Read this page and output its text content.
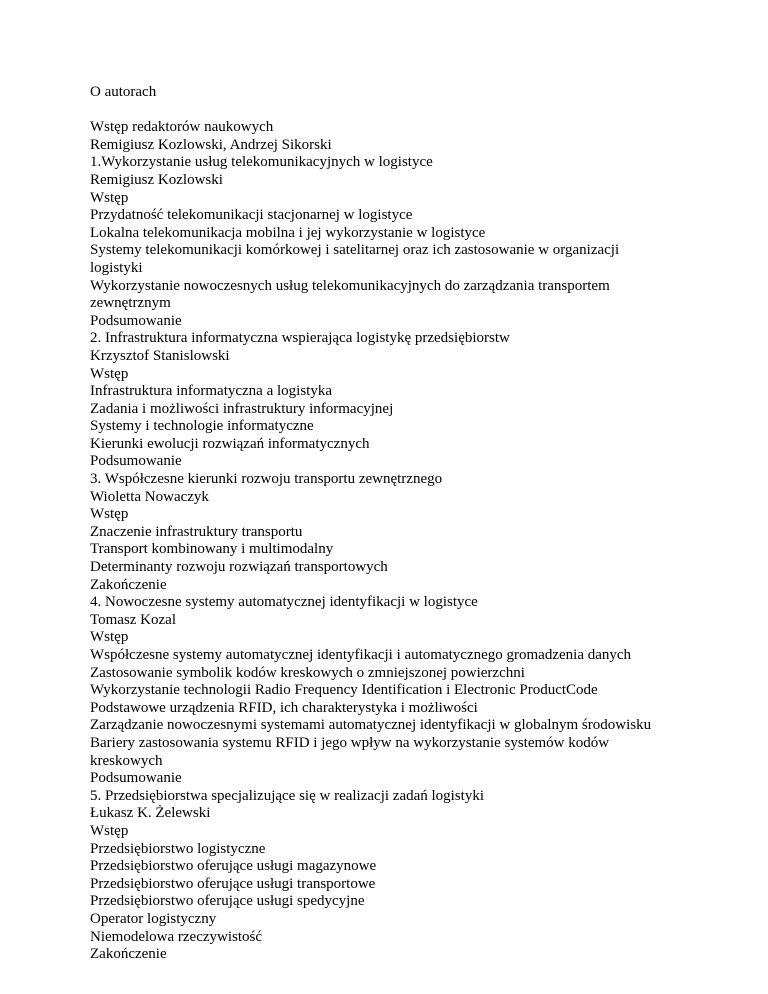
O autorach

Wstęp redaktorów naukowych
Remigiusz Kozlowski, Andrzej Sikorski
1.Wykorzystanie usług telekomunikacyjnych w logistyce
Remigiusz Kozlowski
Wstęp
Przydatność telekomunikacji stacjonarnej w logistyce
Lokalna telekomunikacja mobilna i jej wykorzystanie w logistyce
Systemy telekomunikacji komórkowej i satelitarnej oraz ich zastosowanie w organizacji
logistyki
Wykorzystanie nowoczesnych usług telekomunikacyjnych do zarządzania transportem
zewnętrznym
Podsumowanie
2. Infrastruktura informatyczna wspierająca logistykę przedsiębiorstw
Krzysztof Stanislowski
Wstęp
Infrastruktura informatyczna a logistyka
Zadania i możliwości infrastruktury informacyjnej
Systemy i technologie informatyczne
Kierunki ewolucji rozwiązań informatycznych
Podsumowanie
3. Współczesne kierunki rozwoju transportu zewnętrznego
Wioletta Nowaczyk
Wstęp
Znaczenie infrastruktury transportu
Transport kombinowany i multimodalny
Determinanty rozwoju rozwiązań transportowych
Zakończenie
4. Nowoczesne systemy automatycznej identyfikacji w logistyce
Tomasz Kozal
Wstęp
Współczesne systemy automatycznej identyfikacji i automatycznego gromadzenia danych
Zastosowanie symbolik kodów kreskowych o zmniejszonej powierzchni
Wykorzystanie technologii Radio Frequency Identification i Electronic ProductCode
Podstawowe urządzenia RFID, ich charakterystyka i możliwości
Zarządzanie nowoczesnymi systemami automatycznej identyfikacji w globalnym środowisku
Bariery zastosowania systemu RFID i jego wpływ na wykorzystanie systemów kodów
kreskowych
Podsumowanie
5. Przedsiębiorstwa specjalizujące się w realizacji zadań logistyki
Łukasz K. Żelewski
Wstęp
Przedsiębiorstwo logistyczne
Przedsiębiorstwo oferujące usługi magazynowe
Przedsiębiorstwo oferujące usługi transportowe
Przedsiębiorstwo oferujące usługi spedycyjne
Operator logistyczny
Niemodelowa rzeczywistość
Zakończenie
